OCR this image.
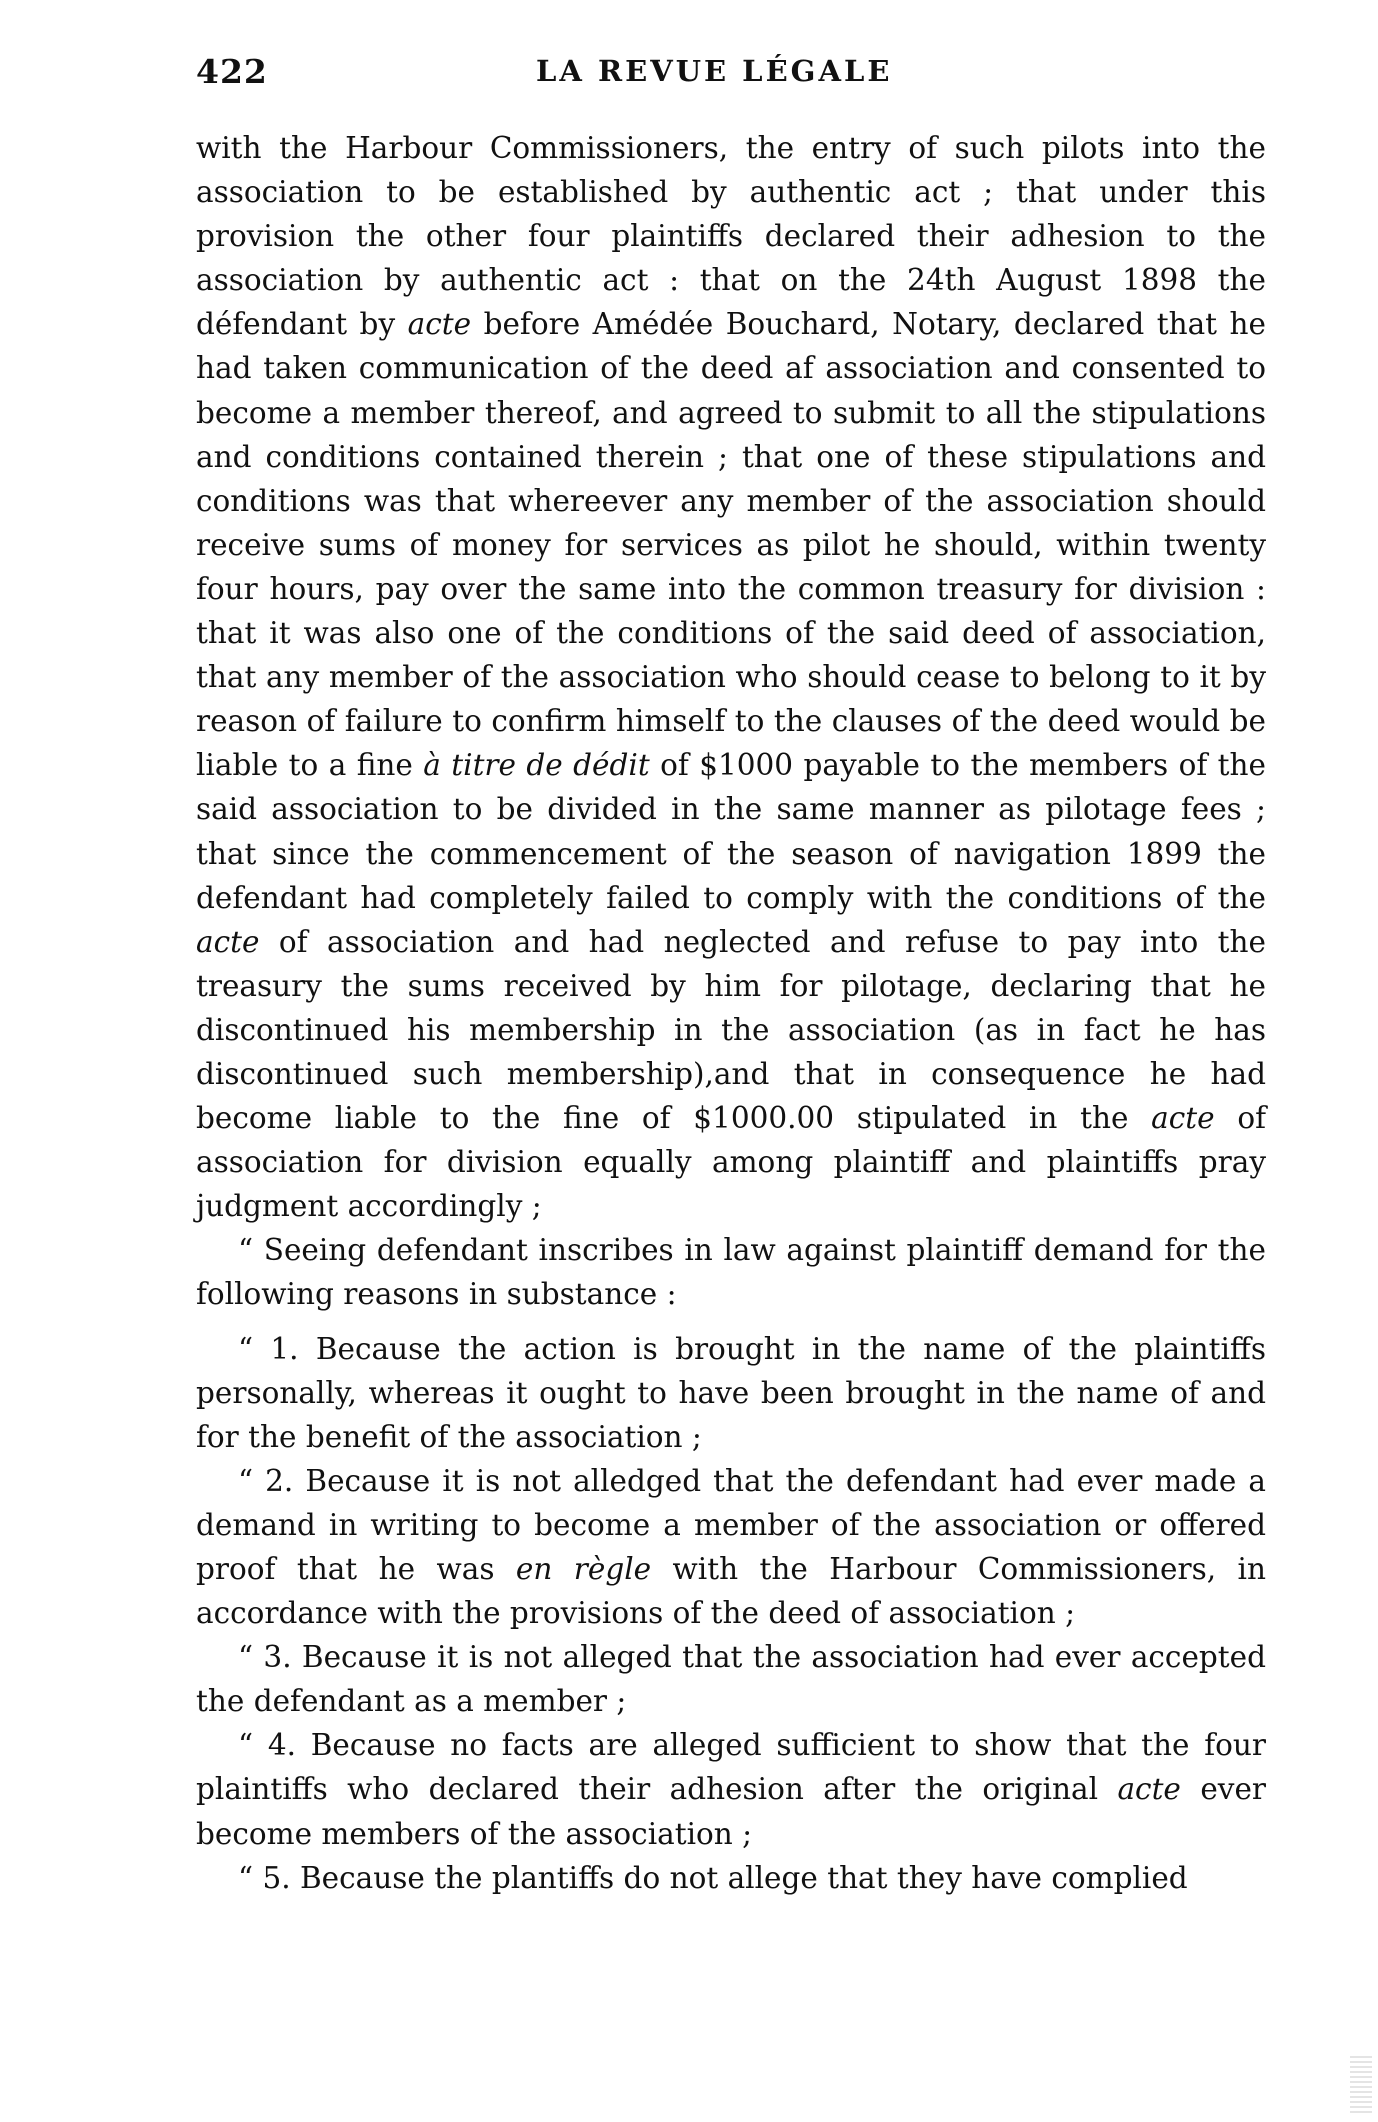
422	LA REVUE LÉGALE

with the Harbour Commissioners, the entry of such pilots into the association to be established by authentic act ; that under this provision the other four plaintiffs declared their adhesion to the association by authentic act : that on the 24th August 1898 the défendant by acte before Amédée Bouchard, Notary, declared that he had taken communication of the deed af association and consented to become a member thereof, and agreed to submit to all the stipulations and conditions contained therein ; that one of these stipulations and conditions was that whereever any member of the association should receive sums of money for services as pilot he should, within twenty four hours, pay over the same into the common treasury for division : that it was also one of the conditions of the said deed of association, that any member of the association who should cease to belong to it by reason of failure to confirm himself to the clauses of the deed would be liable to a fine à titre de dédit of $1000 payable to the members of the said association to be divided in the same manner as pilotage fees ; that since the commencement of the season of navigation 1899 the defendant had completely failed to comply with the conditions of the acte of association and had neglected and refuse to pay into the treasury the sums received by him for pilotage, declaring that he discontinued his membership in the association (as in fact he has discontinued such membership),and that in consequence he had become liable to the fine of $1000.00 stipulated in the acte of association for division equally among plaintiff and plaintiffs pray judgment accordingly ;

“ Seeing defendant inscribes in law against plaintiff demand for the following reasons in substance :

“ 1. Because the action is brought in the name of the plaintiffs personally, whereas it ought to have been brought in the name of and for the benefit of the association ;

“ 2. Because it is not alledged that the defendant had ever made a demand in writing to become a member of the association or offered proof that he was en règle with the Harbour Commissioners, in accordance with the provisions of the deed of association ;

“ 3. Because it is not alleged that the association had ever accepted the defendant as a member ;

“ 4. Because no facts are alleged sufficient to show that the four plaintiffs who declared their adhesion after the original acte ever become members of the association ;

“ 5. Because the plantiffs do not allege that they have complied
